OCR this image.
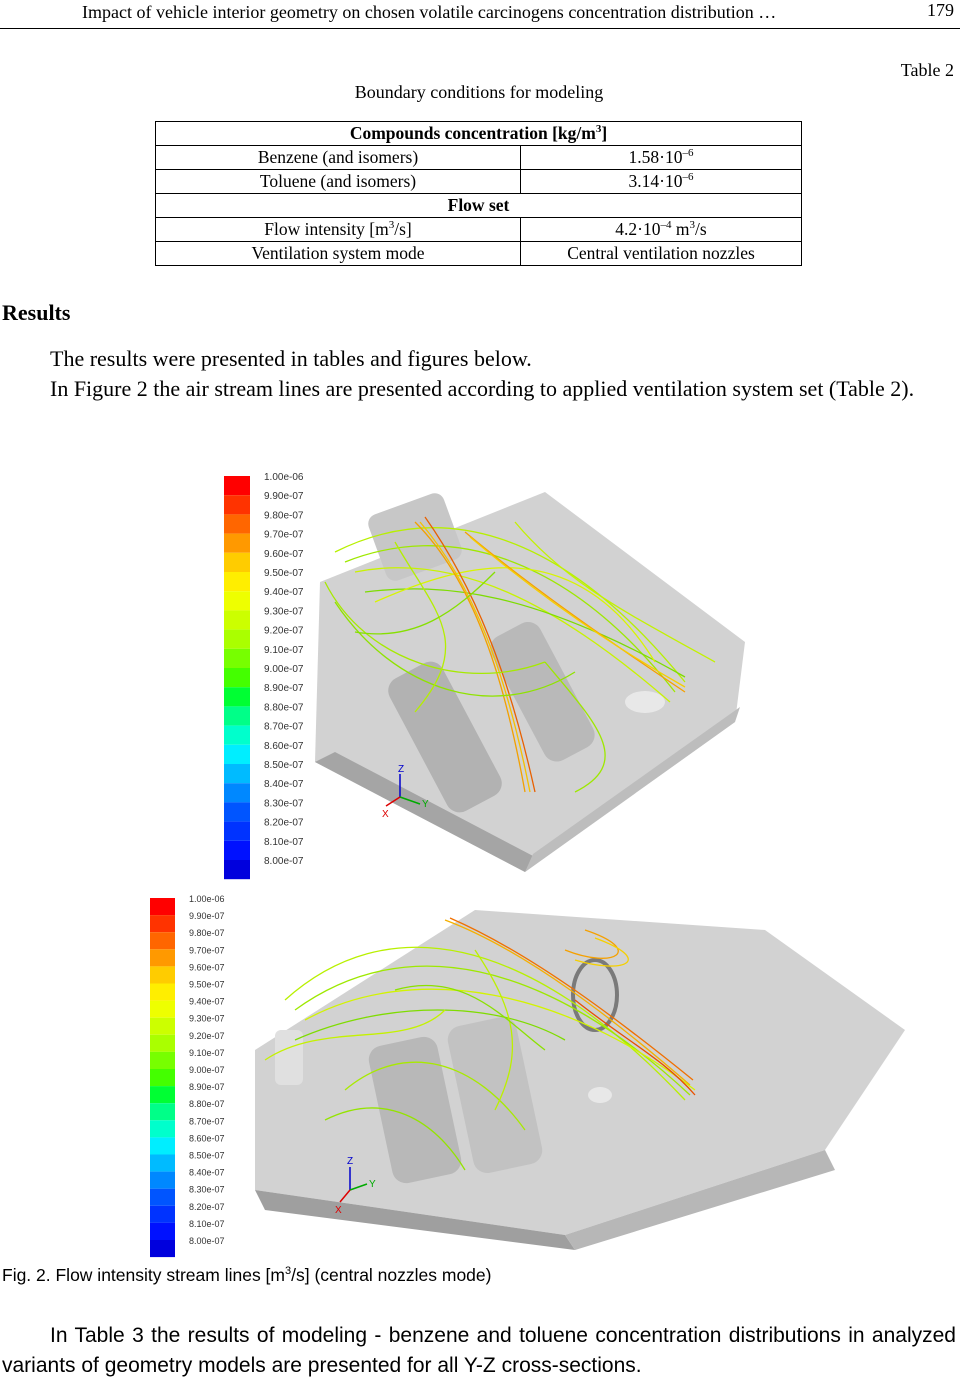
Impact of vehicle interior geometry on chosen volatile carcinogens concentration distribution …	179
Table 2
Boundary conditions for modeling
Compounds concentration $[kg/m^3]$	
Benzene (and isomers)	$1.58\cdot 10^{-6}$
Toluene (and isomers)	$3.14\cdot 10^{-6}$
Flow set	
Flow intensity $[m^3/s]$	$4.2\cdot 10^{-4}$ $m^3/s$
Ventilation system mode	Central ventilation nozzles
Results
The results were presented in tables and figures below.
In Figure 2 the air stream lines are presented according to applied ventilation system set (Table 2).
1.00e-06
9.90e-07
9.80e-07
9.70e-07
9.60e-07
9.50e-07
9.40e-07
9.30e-07
9.20e-07
9.10e-07
9.00e-07
8.90e-07
8.80e-07
8.70e-07
8.60e-07
8.50e-07
8.40e-07
8.30e-07
8.20e-07
8.10e-07
8.00e-07
Z
Y
X
1.00e-06
9.90e-07
9.80e-07
9.70e-07
9.60e-07
9.50e-07
9.40e-07
9.30e-07
9.20e-07
9.10e-07
9.00e-07
8.90e-07
8.80e-07
8.70e-07
8.60e-07
8.50e-07
8.40e-07
8.30e-07
8.20e-07
8.10e-07
8.00e-07
Z
Y
X
Fig. 2. Flow intensity stream lines $[m^3/s]$ (central nozzles mode)
In Table 3 the results of modeling - benzene and toluene concentration distributions in analyzed variants of geometry models are presented for all Y-Z cross-sections.
